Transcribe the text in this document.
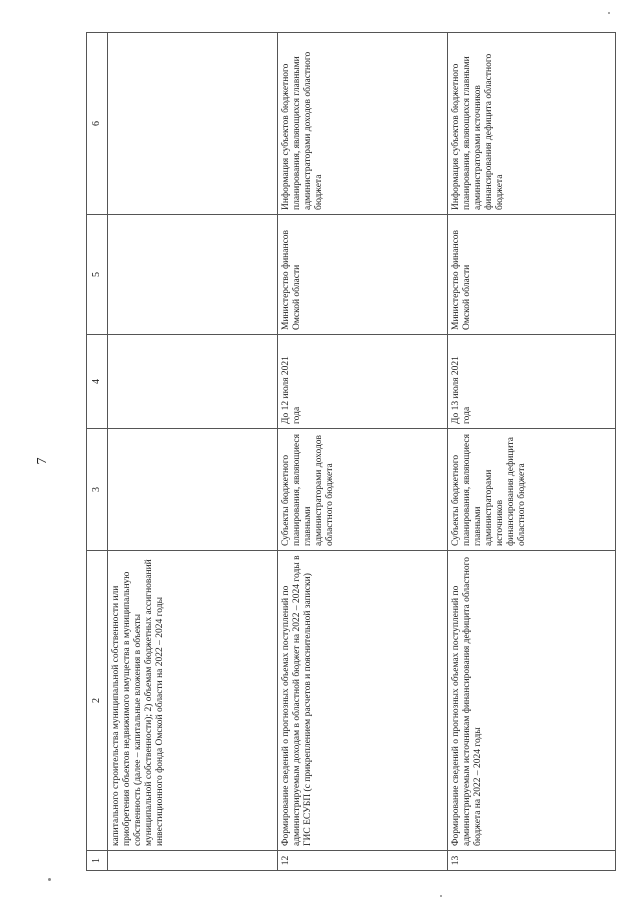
7
1	2	3	4	5	6
	капитального строительства муниципальной собственности или приобретения объектов недвижимого имущества в муниципальную собственность (далее – капитальные вложения в объекты муниципальной собственности); 2) объемам бюджетных ассигнований инвестиционного фонда Омской области на 2022 – 2024 годы				
12	Формирование сведений о прогнозных объемах поступлений по администрируемым доходам в областной бюджет на 2022 – 2024 годы в ГИС ЕСУБП (с прикреплением расчетов и пояснительной записки)	Субъекты бюджетного планирования, являющиеся главными администраторами доходов областного бюджета	До 12 июля 2021 года	Министерство финансов Омской области	Информация субъектов бюджетного планирования, являющихся главными администраторами доходов областного бюджета
13	Формирование сведений о прогнозных объемах поступлений по администрируемым источникам финансирования дефицита областного бюджета на 2022 – 2024 годы	Субъекты бюджетного планирования, являющиеся главными администраторами источников финансирования дефицита областного бюджета	До 13 июля 2021 года	Министерство финансов Омской области	Информация субъектов бюджетного планирования, являющихся главными администраторами источников финансирования дефицита областного бюджета
